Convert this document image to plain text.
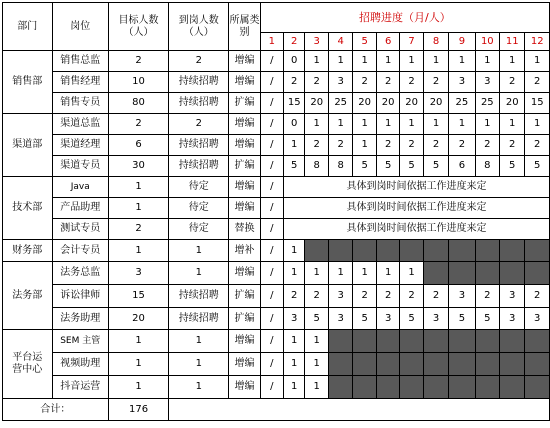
部门	岗位	目标人数（人）	到岗人数（人）	所属类别	招聘进度（月/人）											
					1	2	3	4	5	6	7	8	9	10	11	12
销售部	销售总监	2	2	增编	/	0	1	1	1	1	1	1	1	1	1	1
	销售经理	10	持续招聘	增编	/	2	2	3	2	2	2	2	3	3	2	2
	销售专员	80	持续招聘	扩编	/	15	20	25	20	20	20	20	25	25	20	15
渠道部	渠道总监	2	2	增编	/	0	1	1	1	1	1	1	1	1	1	1
	渠道经理	6	持续招聘	增编	/	1	2	2	1	2	2	2	2	2	2	2
	渠道专员	30	持续招聘	扩编	/	5	8	8	5	5	5	5	6	8	5	5
技术部	Java	1	待定	增编	/	具体到岗时间依据工作进度来定										
	产品助理	1	待定	增编	/	具体到岗时间依据工作进度来定										
	测试专员	2	待定	替换	/	具体到岗时间依据工作进度来定										
财务部	会计专员	1	1	增补	/	1										
法务部	法务总监	3	1	增编	/	1	1	1	1	1	1					
	诉讼律师	15	持续招聘	扩编	/	2	2	3	2	2	2	2	3	2	3	2
	法务助理	20	持续招聘	扩编	/	3	5	3	5	3	5	3	5	5	3	3
平台运营中心	SEM 主管	1	1	增编	/	1	1									
	视频助理	1	1	增编	/	1	1									
	抖音运营	1	1	增编	/	1	1									
合计：		176														
